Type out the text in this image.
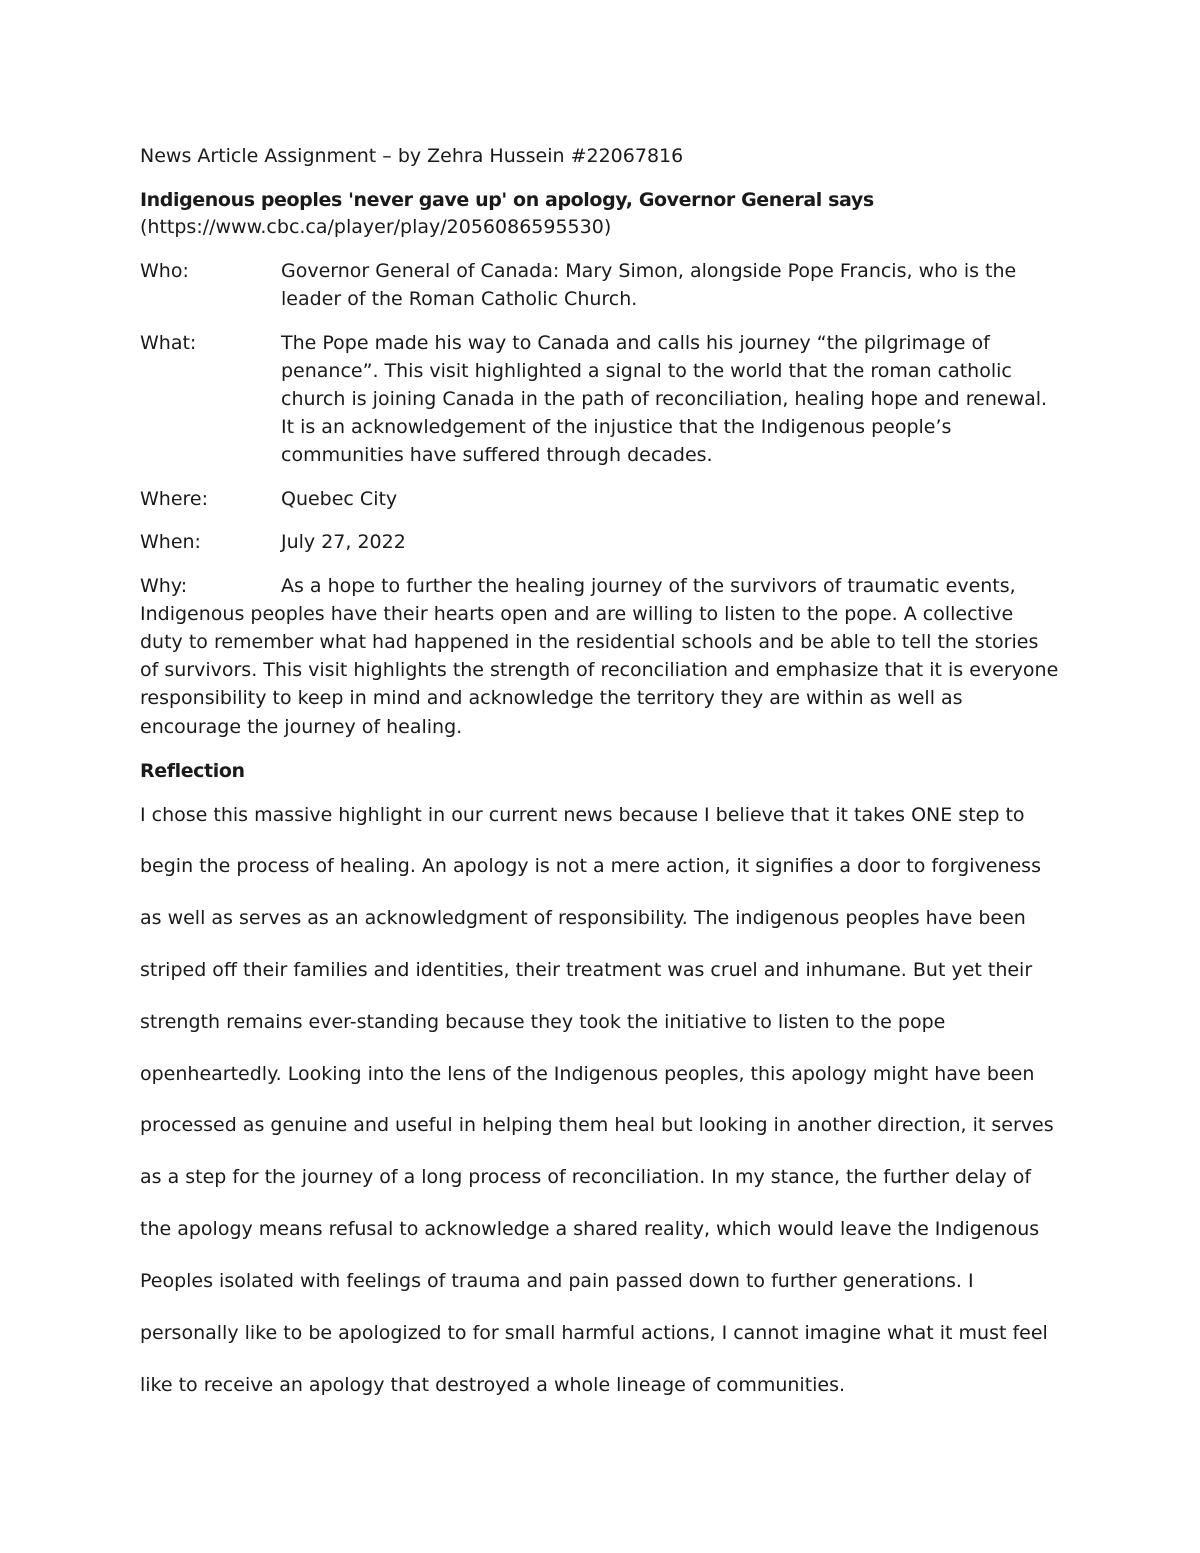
News Article Assignment – by Zehra Hussein #22067816
Indigenous peoples 'never gave up' on apology, Governor General says
(https://www.cbc.ca/player/play/2056086595530)
Who:	Governor General of Canada: Mary Simon, alongside Pope Francis, who is the
leader of the Roman Catholic Church.
What:	The Pope made his way to Canada and calls his journey “the pilgrimage of
penance”. This visit highlighted a signal to the world that the roman catholic
church is joining Canada in the path of reconciliation, healing hope and renewal.
It is an acknowledgement of the injustice that the Indigenous people’s
communities have suffered through decades.
Where:	Quebec City
When:	July 27, 2022
Why:	As a hope to further the healing journey of the survivors of traumatic events,
Indigenous peoples have their hearts open and are willing to listen to the pope. A collective
duty to remember what had happened in the residential schools and be able to tell the stories
of survivors. This visit highlights the strength of reconciliation and emphasize that it is everyone
responsibility to keep in mind and acknowledge the territory they are within as well as
encourage the journey of healing.
Reflection
I chose this massive highlight in our current news because I believe that it takes ONE step to
begin the process of healing. An apology is not a mere action, it signifies a door to forgiveness
as well as serves as an acknowledgment of responsibility. The indigenous peoples have been
striped off their families and identities, their treatment was cruel and inhumane. But yet their
strength remains ever-standing because they took the initiative to listen to the pope
openheartedly. Looking into the lens of the Indigenous peoples, this apology might have been
processed as genuine and useful in helping them heal but looking in another direction, it serves
as a step for the journey of a long process of reconciliation. In my stance, the further delay of
the apology means refusal to acknowledge a shared reality, which would leave the Indigenous
Peoples isolated with feelings of trauma and pain passed down to further generations. I
personally like to be apologized to for small harmful actions, I cannot imagine what it must feel
like to receive an apology that destroyed a whole lineage of communities.
